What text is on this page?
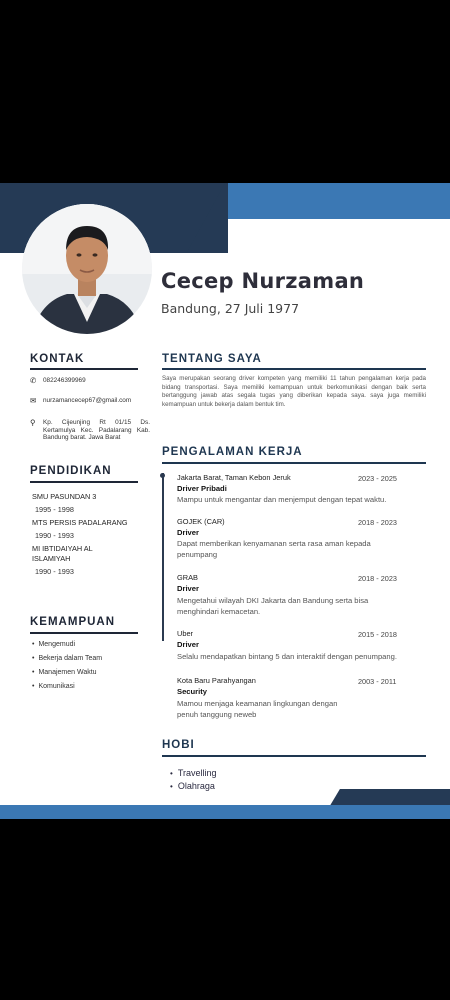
Cecep Nurzaman
Bandung, 27 Juli 1977
KONTAK
✆	082246399969
✉	nurzamancecep67@gmail.com
⚲	Kp. Cijeunjing Rt 01/15 Ds. Kertamulya Kec. Padalarang Kab. Bandung barat. Jawa Barat
PENDIDIKAN
SMU PASUNDAN 3
1995 - 1998
MTS PERSIS PADALARANG
1990 - 1993
MI IBTIDAIYAH AL ISLAMIYAH
1990 - 1993
KEMAMPUAN
• Mengemudi
• Bekerja dalam Team
• Manajemen Waktu
• Komunikasi
TENTANG SAYA
Saya merupakan seorang driver kompeten yang memiliki 11 tahun pengalaman kerja pada bidang transportasi. Saya memiliki kemampuan untuk berkomunikasi dengan baik serta bertanggung jawab atas segala tugas yang diberikan kepada saya. saya juga memiliki kemampuan untuk bekerja dalam bentuk tim.
PENGALAMAN KERJA
Jakarta Barat, Taman Kebon Jeruk	2023 - 2025
Driver Pribadi
Mampu untuk mengantar dan menjemput dengan tepat waktu.
GOJEK (CAR)	2018 - 2023
Driver
Dapat memberikan kenyamanan serta rasa aman kepada penumpang
GRAB	2018 - 2023
Driver
Mengetahui wilayah DKI Jakarta dan Bandung serta bisa menghindari kemacetan.
Uber	2015 - 2018
Driver
Selalu mendapatkan bintang 5 dan interaktif dengan penumpang.
Kota Baru Parahyangan	2003 - 2011
Security
Mamou menjaga keamanan lingkungan dengan penuh tanggung neweb
HOBI
• Travelling
• Olahraga
